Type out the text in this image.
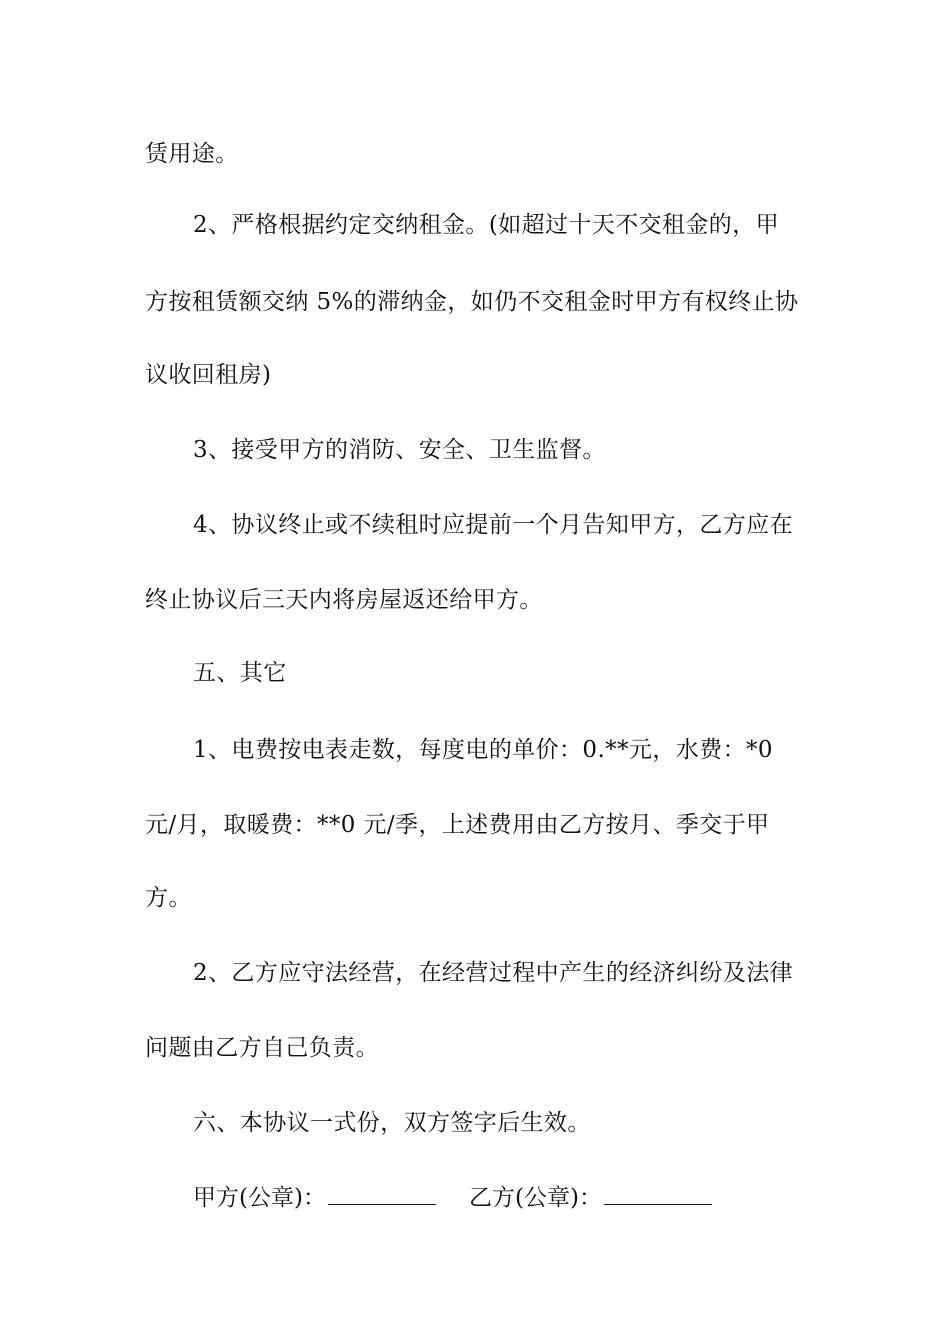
赁用途。
2、严格根据约定交纳租金。(如超过十天不交租金的，甲
方按租赁额交纳 5%的滞纳金，如仍不交租金时甲方有权终止协
议收回租房)
3、接受甲方的消防、安全、卫生监督。
4、协议终止或不续租时应提前一个月告知甲方，乙方应在
终止协议后三天内将房屋返还给甲方。
五、其它
1、电费按电表走数，每度电的单价：0.**元，水费：*0
元/月，取暖费：**0 元/季，上述费用由乙方按月、季交于甲
方。
2、乙方应守法经营，在经营过程中产生的经济纠纷及法律
问题由乙方自己负责。
六、本协议一式份，双方签字后生效。
甲方(公章)：	乙方(公章)：
